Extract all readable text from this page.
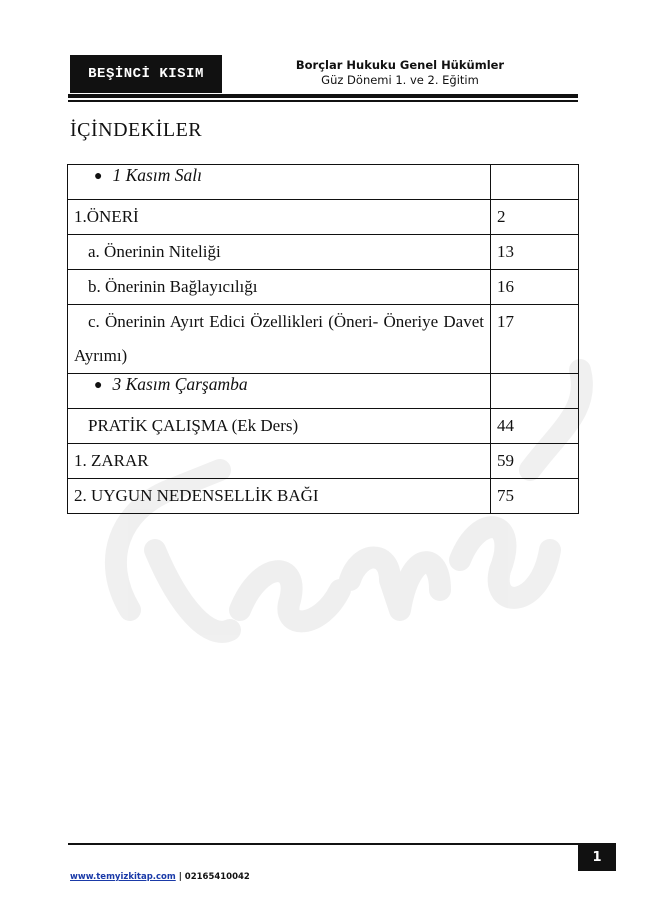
BEŞİNCİ KISIM
Borçlar Hukuku Genel Hükümler
Güz Dönemi 1. ve 2. Eğitim
İÇİNDEKİLER
● 1 Kasım Salı	
1.ÖNERİ	2
a. Önerinin Niteliği	13
b. Önerinin Bağlayıcılığı	16
c. Önerinin Ayırt Edici Özellikleri (Öneri- Öneriye Davet Ayrımı)	17
● 3 Kasım Çarşamba	
PRATİK ÇALIŞMA (Ek Ders)	44
1. ZARAR	59
2. UYGUN NEDENSELLİK BAĞI	75
1
www.temyizkitap.com | 02165410042
